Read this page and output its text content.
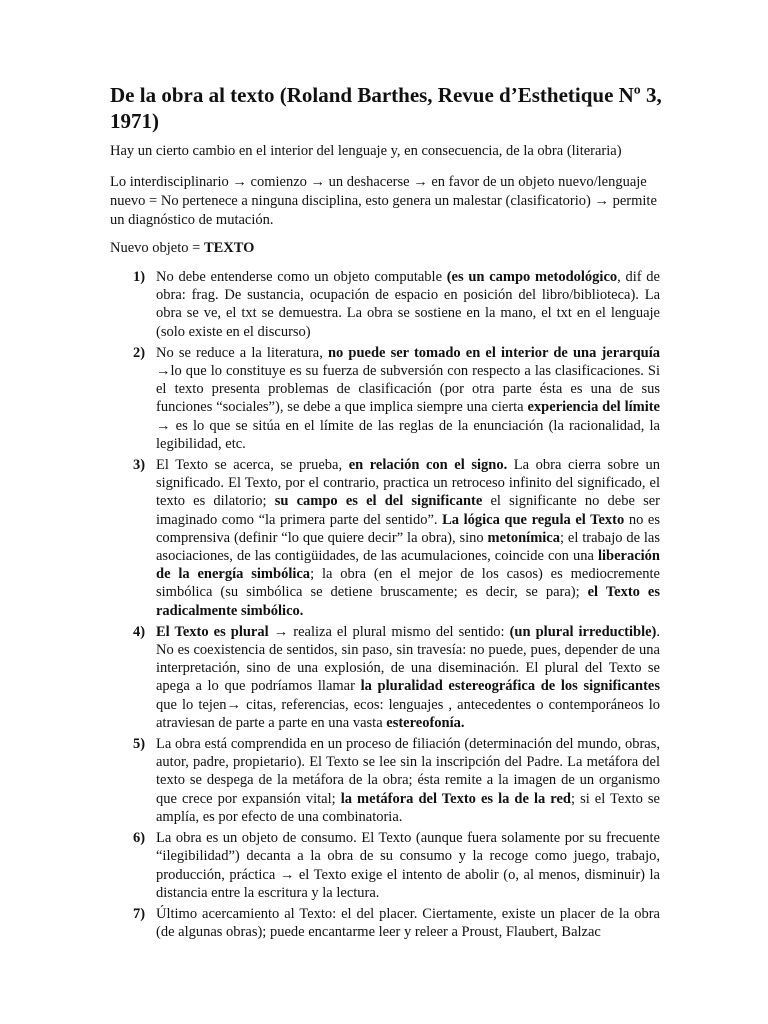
De la obra al texto (Roland Barthes, Revue d’Esthetique Nº 3, 1971)

Hay un cierto cambio en el interior del lenguaje y, en consecuencia, de la obra (literaria)

Lo interdisciplinario → comienzo → un deshacerse → en favor de un objeto nuevo/lenguaje nuevo = No pertenece a ninguna disciplina, esto genera un malestar (clasificatorio) → permite un diagnóstico de mutación.

Nuevo objeto = TEXTO

1) No debe entenderse como un objeto computable (es un campo metodológico, dif de obra: frag. De sustancia, ocupación de espacio en posición del libro/biblioteca). La obra se ve, el txt se demuestra. La obra se sostiene en la mano, el txt en el lenguaje (solo existe en el discurso)
2) No se reduce a la literatura, no puede ser tomado en el interior de una jerarquía →lo que lo constituye es su fuerza de subversión con respecto a las clasificaciones. Si el texto presenta problemas de clasificación (por otra parte ésta es una de sus funciones “sociales”), se debe a que implica siempre una cierta experiencia del límite → es lo que se sitúa en el límite de las reglas de la enunciación (la racionalidad, la legibilidad, etc.
3) El Texto se acerca, se prueba, en relación con el signo. La obra cierra sobre un significado. El Texto, por el contrario, practica un retroceso infinito del significado, el texto es dilatorio; su campo es el del significante el significante no debe ser imaginado como “la primera parte del sentido”. La lógica que regula el Texto no es comprensiva (definir “lo que quiere decir” la obra), sino metonímica; el trabajo de las asociaciones, de las contigüidades, de las acumulaciones, coincide con una liberación de la energía simbólica; la obra (en el mejor de los casos) es mediocremente simbólica (su simbólica se detiene bruscamente; es decir, se para); el Texto es radicalmente simbólico.
4) El Texto es plural → realiza el plural mismo del sentido: (un plural irreductible). No es coexistencia de sentidos, sin paso, sin travesía: no puede, pues, depender de una interpretación, sino de una explosión, de una diseminación. El plural del Texto se apega a lo que podríamos llamar la pluralidad estereográfica de los significantes que lo tejen→ citas, referencias, ecos: lenguajes , antecedentes o contemporáneos lo atraviesan de parte a parte en una vasta estereofonía.
5) La obra está comprendida en un proceso de filiación (determinación del mundo, obras, autor, padre, propietario). El Texto se lee sin la inscripción del Padre. La metáfora del texto se despega de la metáfora de la obra; ésta remite a la imagen de un organismo que crece por expansión vital; la metáfora del Texto es la de la red; si el Texto se amplía, es por efecto de una combinatoria.
6) La obra es un objeto de consumo. El Texto (aunque fuera solamente por su frecuente “ilegibilidad”) decanta a la obra de su consumo y la recoge como juego, trabajo, producción, práctica → el Texto exige el intento de abolir (o, al menos, disminuir) la distancia entre la escritura y la lectura.
7) Último acercamiento al Texto: el del placer. Ciertamente, existe un placer de la obra (de algunas obras); puede encantarme leer y releer a Proust, Flaubert, Balzac
